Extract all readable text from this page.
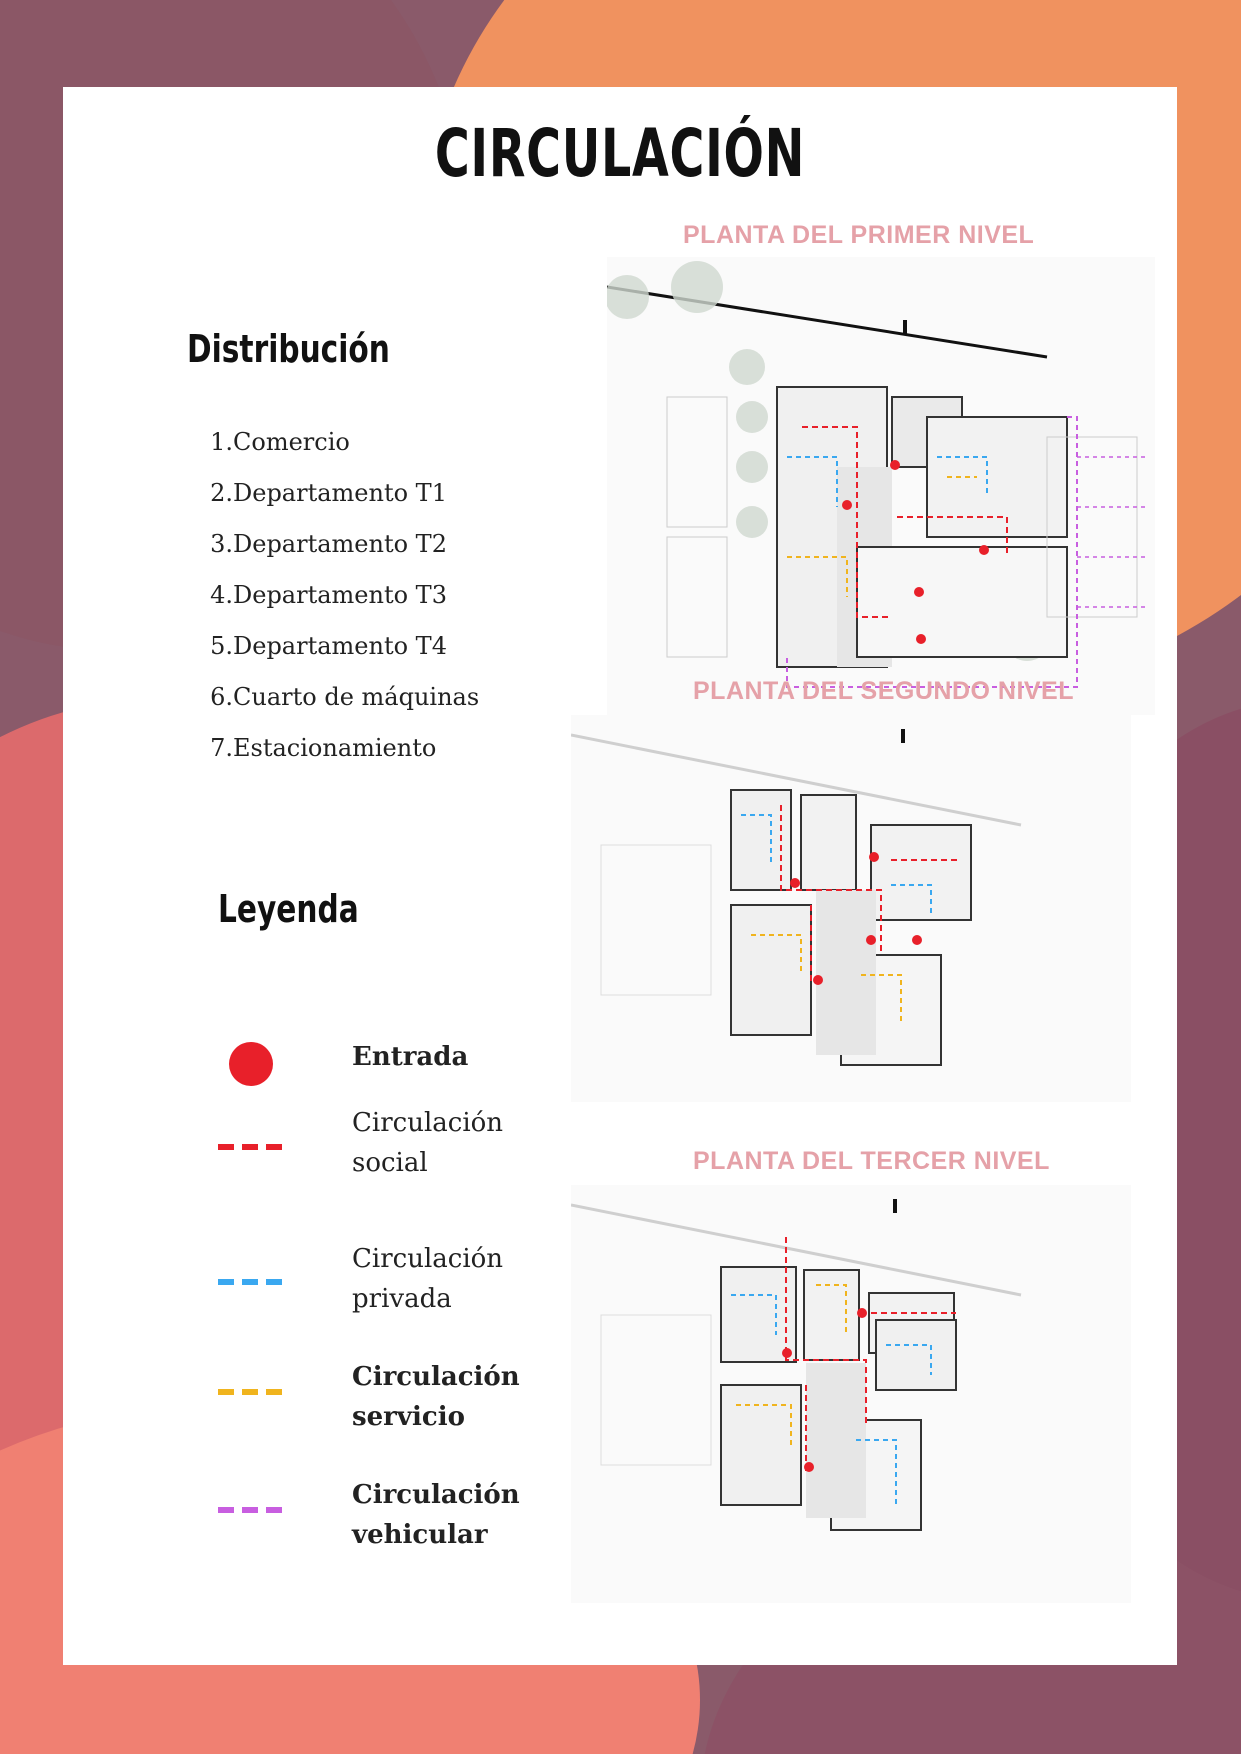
CIRCULACIÓN
Distribución
1.Comercio
2.Departamento T1
3.Departamento T2
4.Departamento T3
5.Departamento T4
6.Cuarto de máquinas
7.Estacionamiento
Leyenda
Entrada
Circulación
social
Circulación
privada
Circulación
servicio
Circulación
vehicular
PLANTA DEL PRIMER NIVEL
PLANTA DEL SEGUNDO NIVEL
PLANTA DEL TERCER NIVEL
